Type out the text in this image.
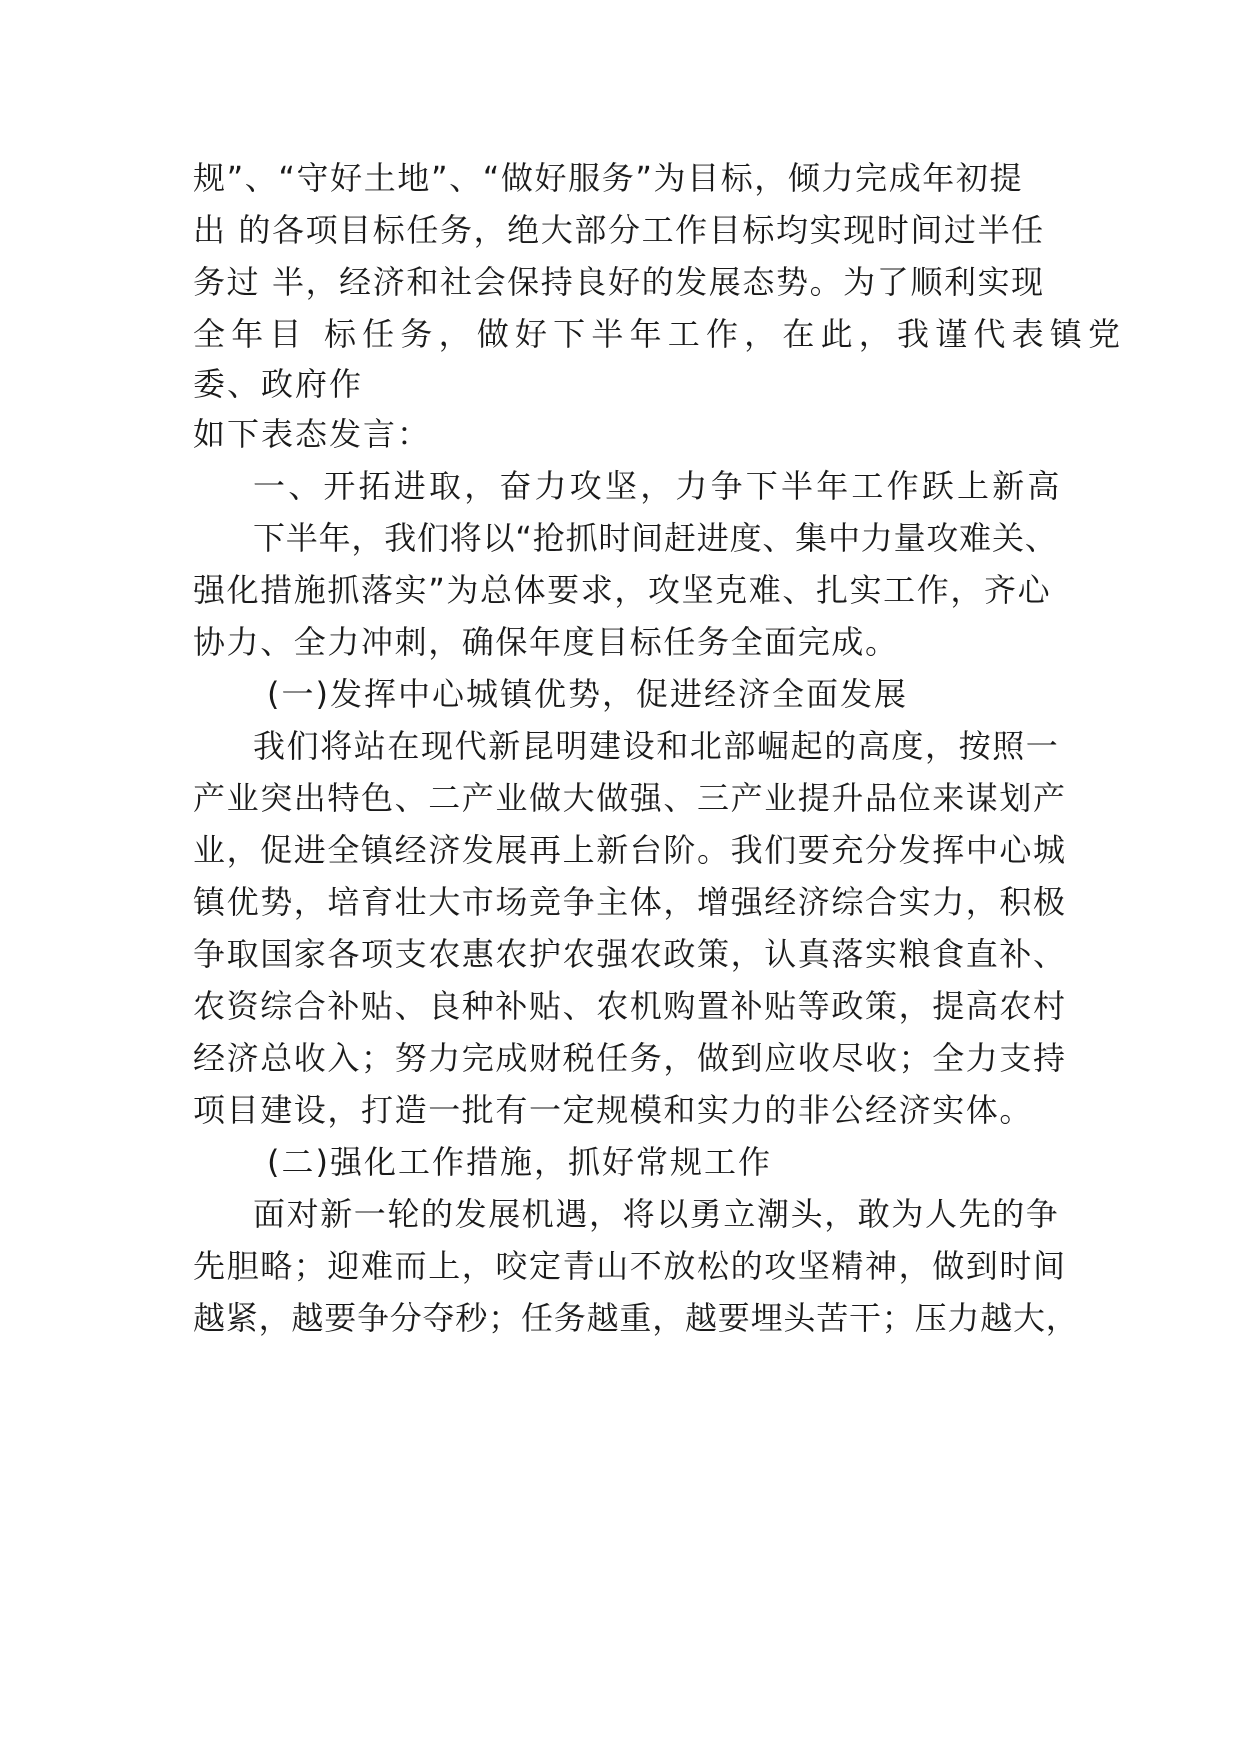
规”、“守好土地”、“做好服务”为目标，倾力完成年初提
出 的各项目标任务，绝大部分工作目标均实现时间过半任
务过 半，经济和社会保持良好的发展态势。为了顺利实现
全年目 标任务，做好下半年工作，在此，我谨代表镇党
委、政府作
如下表态发言：
一、开拓进取，奋力攻坚，力争下半年工作跃上新高
下半年，我们将以“抢抓时间赶进度、集中力量攻难关、
强化措施抓落实”为总体要求，攻坚克难、扎实工作，齐心
协力、全力冲刺，确保年度目标任务全面完成。
(一)发挥中心城镇优势，促进经济全面发展
我们将站在现代新昆明建设和北部崛起的高度，按照一
产业突出特色、二产业做大做强、三产业提升品位来谋划产
业，促进全镇经济发展再上新台阶。我们要充分发挥中心城
镇优势，培育壮大市场竞争主体，增强经济综合实力，积极
争取国家各项支农惠农护农强农政策，认真落实粮食直补、
农资综合补贴、良种补贴、农机购置补贴等政策，提高农村
经济总收入；努力完成财税任务，做到应收尽收；全力支持
项目建设，打造一批有一定规模和实力的非公经济实体。
(二)强化工作措施，抓好常规工作
面对新一轮的发展机遇，将以勇立潮头，敢为人先的争
先胆略；迎难而上，咬定青山不放松的攻坚精神，做到时间
越紧，越要争分夺秒；任务越重，越要埋头苦干；压力越大，
